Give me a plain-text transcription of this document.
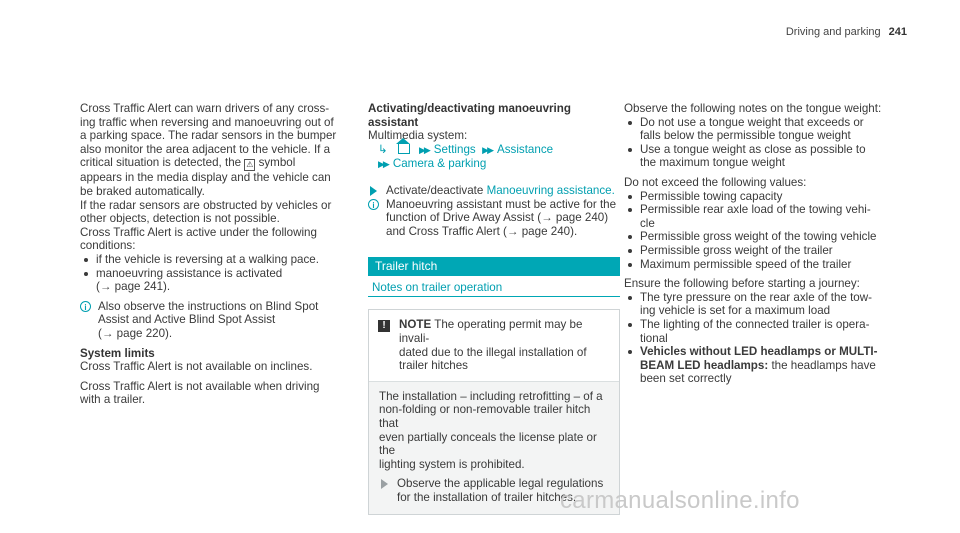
Driving and parking 241

Cross Traffic Alert can warn drivers of any cross-
ing traffic when reversing and manoeuvring out of
a parking space. The radar sensors in the bumper
also monitor the area adjacent to the vehicle. If a
critical situation is detected, the ⚠ symbol
appears in the media display and the vehicle can
be braked automatically.

If the radar sensors are obstructed by vehicles or
other objects, detection is not possible.

Cross Traffic Alert is active under the following
conditions:

if the vehicle is reversing at a walking pace.
manoeuvring assistance is activated
(→ page 241).
i Also observe the instructions on Blind Spot
Assist and Active Blind Spot Assist
(→ page 220).

System limits

Cross Traffic Alert is not available on inclines.

Cross Traffic Alert is not available when driving
with a trailer.

Activating/deactivating manoeuvring assistant

Multimedia system:

↳	▶▶ Settings ▶▶ Assistance
▶▶ Camera & parking
Activate/deactivate Manoeuvring assistance.
i Manoeuvring assistant must be active for the
function of Drive Away Assist (→ page 240)
and Cross Traffic Alert (→ page 240).
Trailer hitch
Notes on trailer operation
!	NOTE The operating permit may be invali-
dated due to the illegal installation of
trailer hitches
The installation – including retrofitting – of a
non-folding or non-removable trailer hitch that
even partially conceals the license plate or the
lighting system is prohibited.
Observe the applicable legal regulations
for the installation of trailer hitches.

Observe the following notes on the tongue weight:

Do not use a tongue weight that exceeds or
falls below the permissible tongue weight
Use a tongue weight as close as possible to
the maximum tongue weight

Do not exceed the following values:

Permissible towing capacity
Permissible rear axle load of the towing vehi-
cle
Permissible gross weight of the towing vehicle
Permissible gross weight of the trailer
Maximum permissible speed of the trailer

Ensure the following before starting a journey:

The tyre pressure on the rear axle of the tow-
ing vehicle is set for a maximum load
The lighting of the connected trailer is opera-
tional
Vehicles without LED headlamps or MULTI-
BEAM LED headlamps: the headlamps have
been set correctly
carmanualsonline.info
